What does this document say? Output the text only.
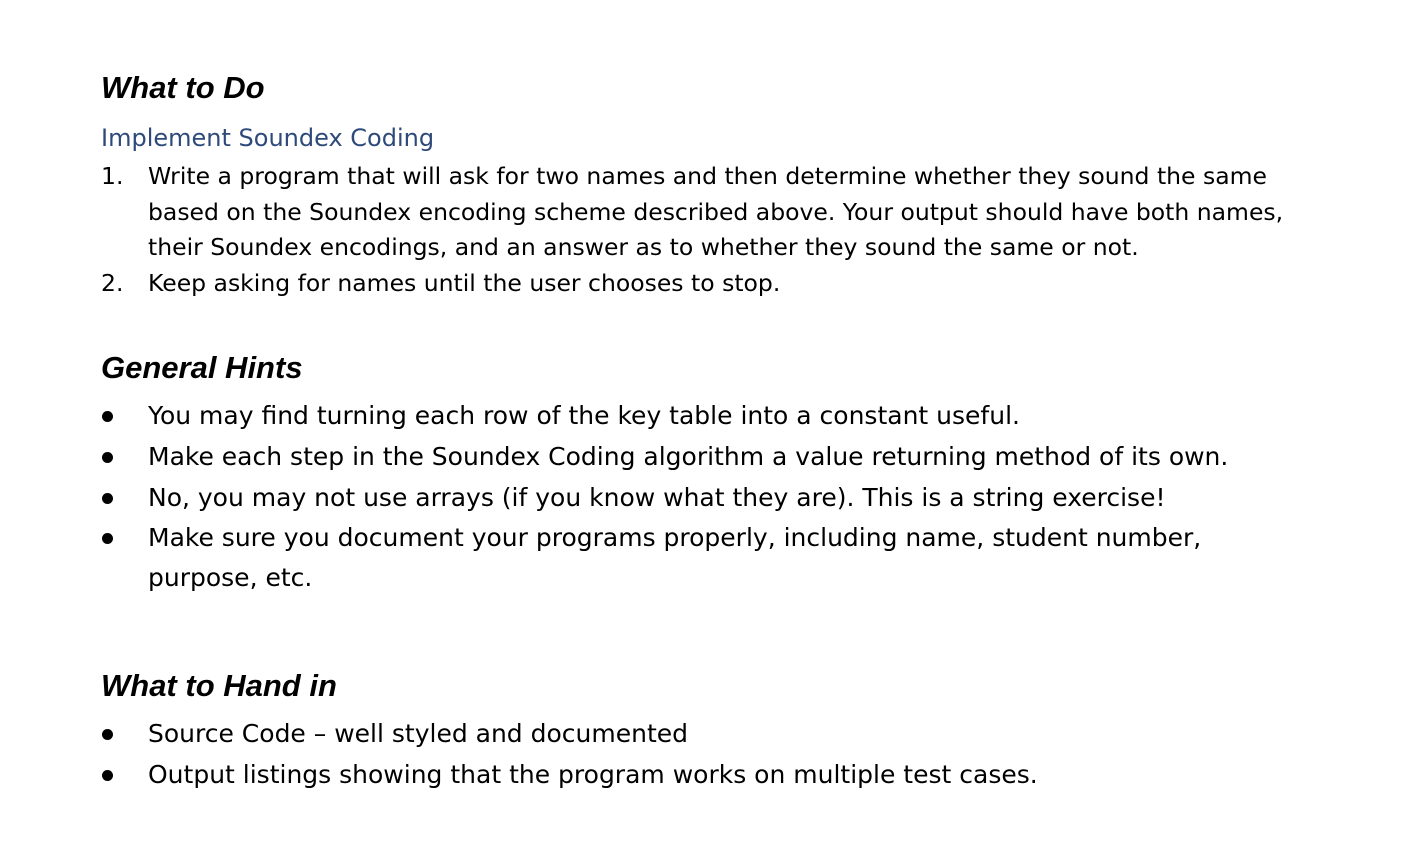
What to Do
Implement Soundex Coding
1. Write a program that will ask for two names and then determine whether they sound the same
based on the Soundex encoding scheme described above. Your output should have both names,
their Soundex encodings, and an answer as to whether they sound the same or not.
2. Keep asking for names until the user chooses to stop.
General Hints
You may find turning each row of the key table into a constant useful.
Make each step in the Soundex Coding algorithm a value returning method of its own.
No, you may not use arrays (if you know what they are). This is a string exercise!
Make sure you document your programs properly, including name, student number,
purpose, etc.
What to Hand in
Source Code – well styled and documented
Output listings showing that the program works on multiple test cases.
